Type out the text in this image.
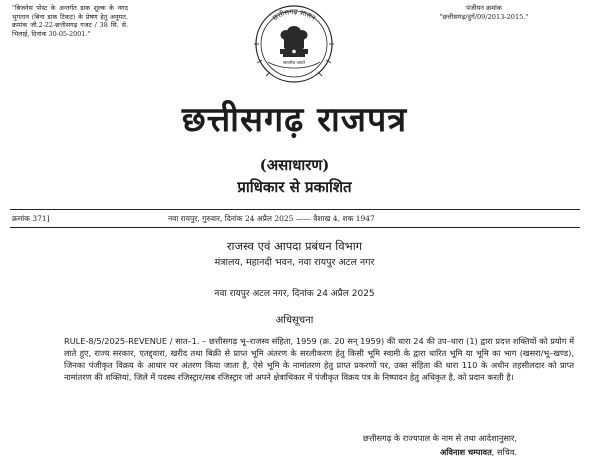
"बिजनेस पोस्ट के अन्तर्गत डाक शुल्क के नगद भुगतान (बिना डाक टिकट) के प्रेषण हेतु अनुमत. क्रमांक जी.2-22-छत्तीसगढ़ गजट / 38 सि. से. भिलाई, दिनांक 30-05-2001."
पंजीयन क्रमांक
"छत्तीसगढ़/दुर्ग/09/2013-2015."
छत्तीसगढ़ शासन
सत्यमेव जयते
छत्तीसगढ़ राजपत्र
(असाधारण)
प्राधिकार से प्रकाशित
क्रमांक 371]	नवा रायपुर, गुरुवार, दिनांक 24 अप्रैल 2025 —— वैशाख 4, शक 1947
राजस्व एवं आपदा प्रबंधन विभाग
मंत्रालय, महानदी भवन, नवा रायपुर अटल नगर
नवा रायपुर अटल नगर, दिनांक 24 अप्रैल 2025
अधिसूचना
RULE-8/5/2025-REVENUE / सात–1. – छत्तीसगढ़ भू–राजस्व संहिता, 1959 (क्र. 20 सन् 1959) की धारा 24 की उप–धारा (1) द्वारा प्रदत्त शक्तियों को प्रयोग में लाते हुए, राज्य सरकार, एतद्द्वारा, खरीद तथा बिक्री से प्राप्त भूमि अंतरण के सरलीकरण हेतु किसी भूमि स्वामी के द्वारा धारित भूमि या भूमि का भाग (खसरा/भू–खण्ड), जिनका पंजीकृत विक्रय के आधार पर अंतरण किया जाता है, ऐसे भूमि के नामांतरण हेतु प्राप्त प्रकरणों पर, उक्त संहिता की धारा 110 के अधीन तहसीलदार को प्राप्त नामांतरण की शक्तियां, जिले में पदस्थ रजिस्ट्रार/सब रजिस्ट्रार जो अपने क्षेत्राधिकार में पंजीकृत विक्रय पत्र के निष्पादन हेतु अधिकृत है, को प्रदान करती है।
छत्तीसगढ़ के राज्यपाल के नाम से तथा आदेशानुसार,
अविनाश चम्पावत, सचिव.
